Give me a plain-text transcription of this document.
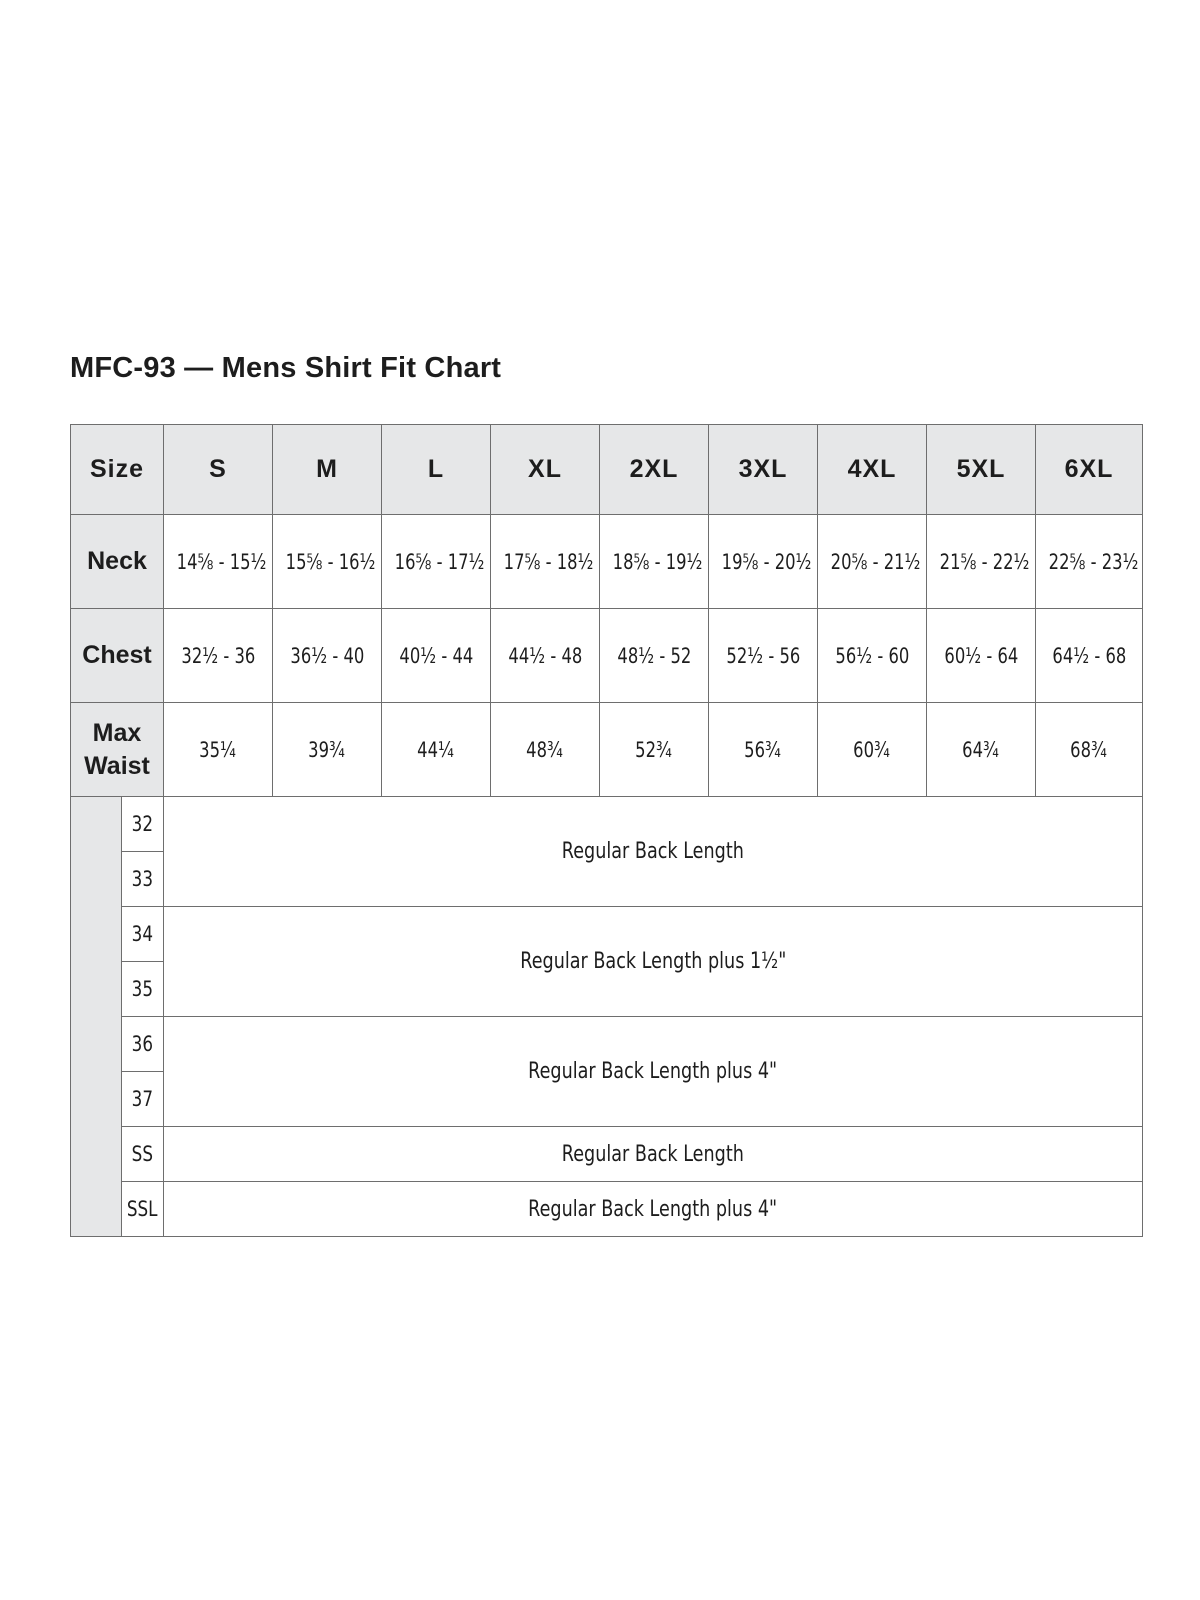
MFC-93 — Mens Shirt Fit Chart
Size		S	M	L	XL	2XL	3XL	4XL	5XL	6XL
Neck		14⅝ - 15½	15⅝ - 16½	16⅝ - 17½	17⅝ - 18½	18⅝ - 19½	19⅝ - 20½	20⅝ - 21½	21⅝ - 22½	22⅝ - 23½
Chest		32½ - 36	36½ - 40	40½ - 44	44½ - 48	48½ - 52	52½ - 56	56½ - 60	60½ - 64	64½ - 68
Max Waist		35¼	39¾	44¼	48¾	52¾	56¾	60¾	64¾	68¾
	32	Regular Back Length								
	33									
	34	Regular Back Length plus 1½"								
	35									
	36	Regular Back Length plus 4"								
	37									
	SS	Regular Back Length								
	SSL	Regular Back Length plus 4"								
